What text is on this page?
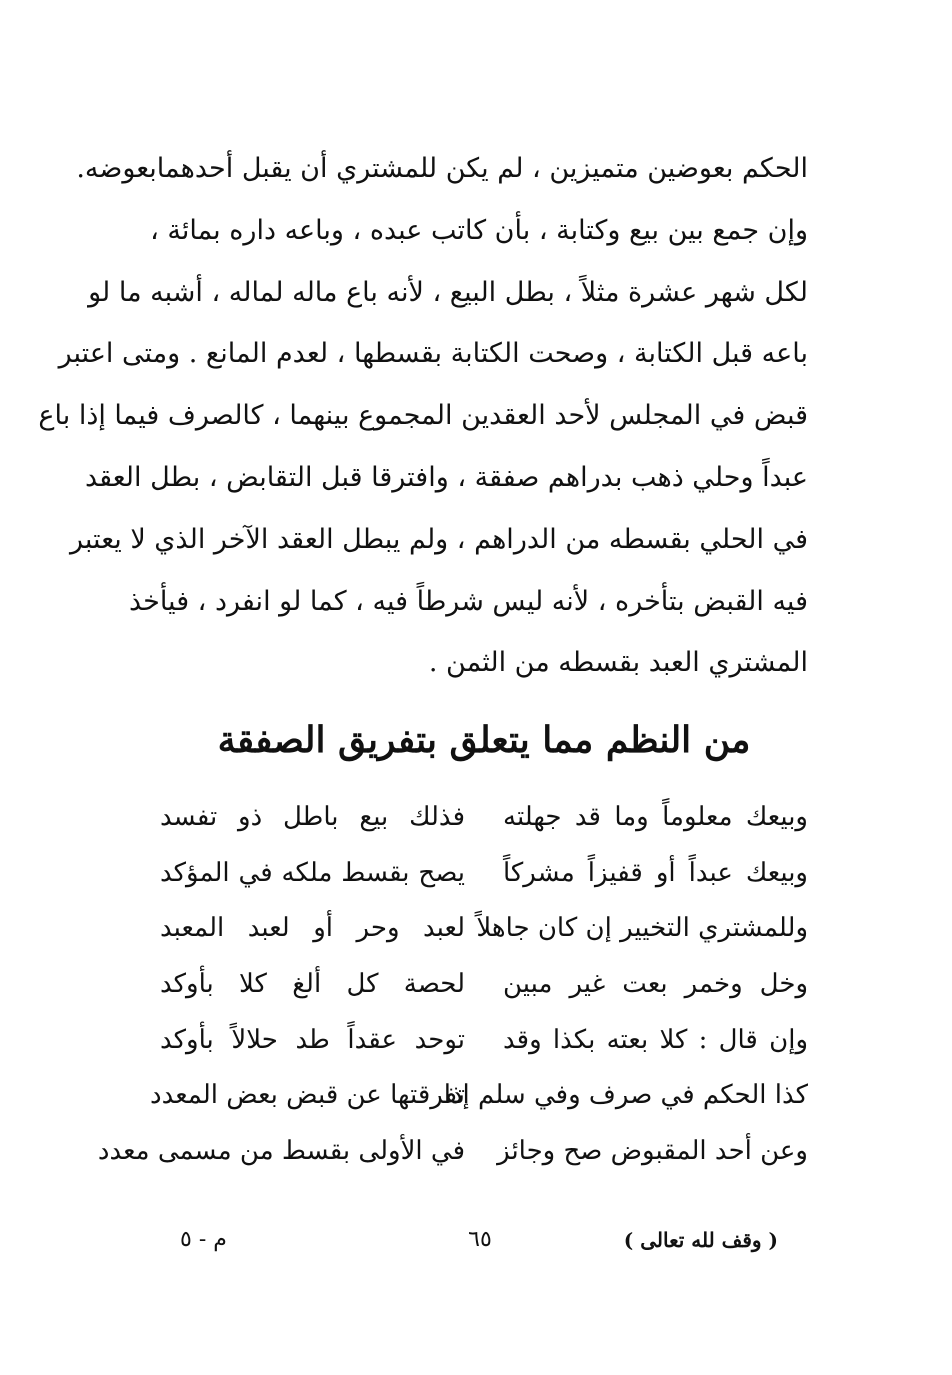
الحكم بعوضين متميزين ، لم يكن للمشتري أن يقبل أحدهمابعوضه.
وإن جمع بين بيع وكتابة ، بأن كاتب عبده ، وباعه داره بمائة ،
لكل شهر عشرة مثلاً ، بطل البيع ، لأنه باع ماله لماله ، أشبه ما لو
باعه قبل الكتابة ، وصحت الكتابة بقسطها ، لعدم المانع . ومتى اعتبر
قبض في المجلس لأحد العقدين المجموع بينهما ، كالصرف فيما إذا باع
عبداً وحلي ذهب بدراهم صفقة ، وافترقا قبل التقابض ، بطل العقد
في الحلي بقسطه من الدراهم ، ولم يبطل العقد الآخر الذي لا يعتبر
فيه القبض بتأخره ، لأنه ليس شرطاً فيه ، كما لو انفرد ، فيأخذ
المشتري العبد بقسطه من الثمن .
من النظم مما يتعلق بتفريق الصفقة
وبيعك معلوماً وما قد جهلته
فذلك بيع باطل ذو تفسد
وبيعك عبداً أو قفيزاً مشركاً
يصح بقسط ملكه في المؤكد
وللمشتري التخيير إن كان جاهلاً
لعبد وحر أو لعبد المعبد
وخل وخمر بعت غير مبين
لحصة كل ألغ كلا بأوكد
وإن قال : كلا بعته بكذا وقد
توحد عقداً طد حلالاً بأوكد
كذا الحكم في صرف وفي سلم إذا
تفرقتها عن قبض بعض المعدد
وعن أحد المقبوض صح وجائز
في الأولى بقسط من مسمى معدد
( وقف لله تعالى )
٦٥
م - ٥
